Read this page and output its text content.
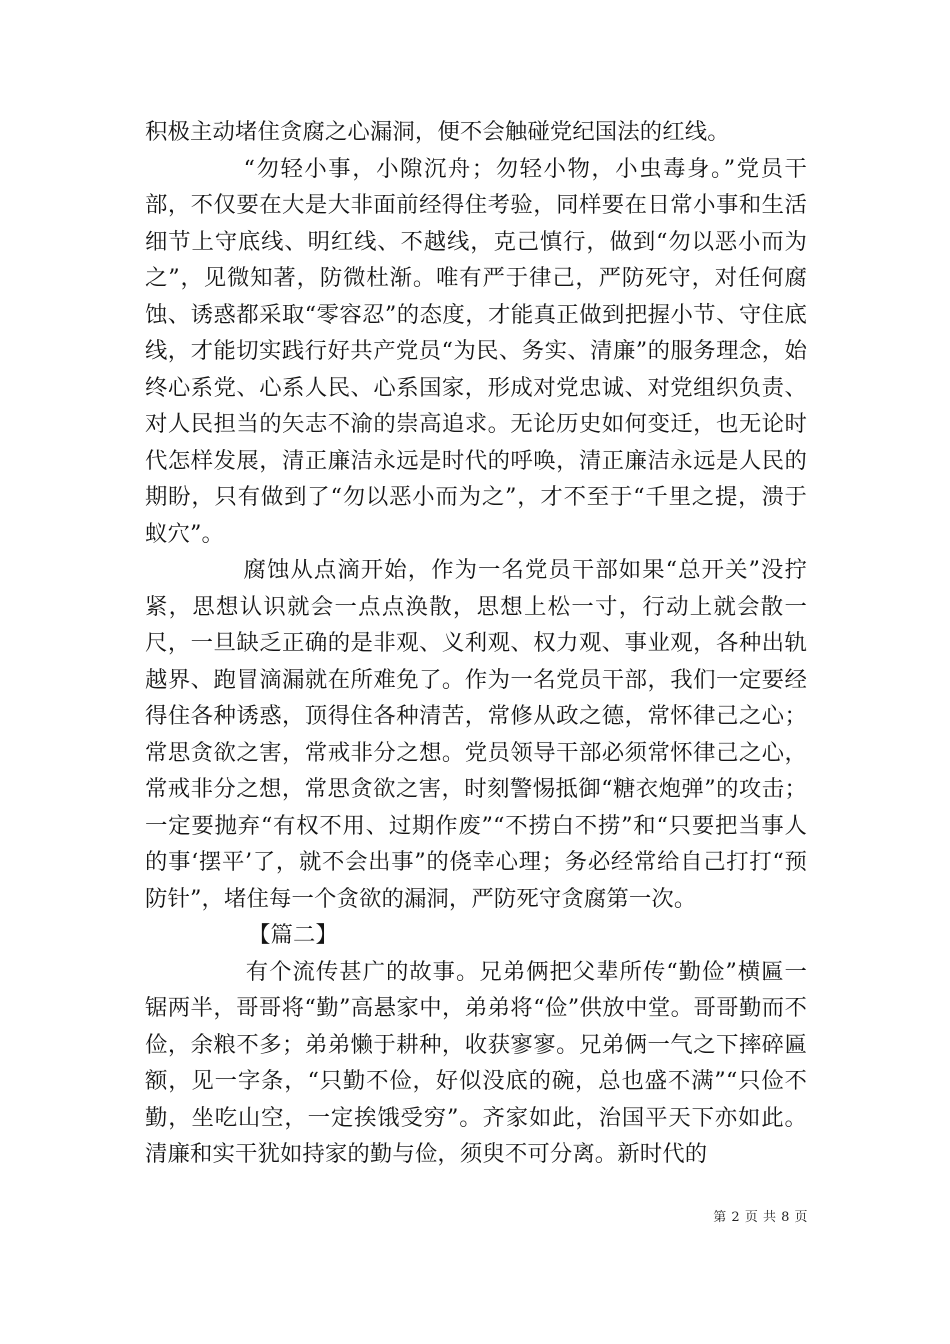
积极主动堵住贪腐之心漏洞，便不会触碰党纪国法的红线。

“勿轻小事，小隙沉舟；勿轻小物，小虫毒身。”党员干部，不仅要在大是大非面前经得住考验，同样要在日常小事和生活细节上守底线、明红线、不越线，克己慎行，做到“勿以恶小而为之”，见微知著，防微杜渐。唯有严于律己，严防死守，对任何腐蚀、诱惑都采取“零容忍”的态度，才能真正做到把握小节、守住底线，才能切实践行好共产党员“为民、务实、清廉”的服务理念，始终心系党、心系人民、心系国家，形成对党忠诚、对党组织负责、对人民担当的矢志不渝的崇高追求。无论历史如何变迁，也无论时代怎样发展，清正廉洁永远是时代的呼唤，清正廉洁永远是人民的期盼，只有做到了“勿以恶小而为之”，才不至于“千里之提，溃于蚁穴”。

腐蚀从点滴开始，作为一名党员干部如果“总开关”没拧紧，思想认识就会一点点涣散，思想上松一寸，行动上就会散一尺，一旦缺乏正确的是非观、义利观、权力观、事业观，各种出轨越界、跑冒滴漏就在所难免了。作为一名党员干部，我们一定要经得住各种诱惑，顶得住各种清苦，常修从政之德，常怀律己之心；常思贪欲之害，常戒非分之想。党员领导干部必须常怀律己之心，常戒非分之想，常思贪欲之害，时刻警惕抵御“糖衣炮弹”的攻击；一定要抛弃“有权不用、过期作废”“不捞白不捞”和“只要把当事人的事‘摆平’了，就不会出事”的侥幸心理；务必经常给自己打打“预防针”，堵住每一个贪欲的漏洞，严防死守贪腐第一次。

【篇二】

有个流传甚广的故事。兄弟俩把父辈所传“勤俭”横匾一锯两半，哥哥将“勤”高悬家中，弟弟将“俭”供放中堂。哥哥勤而不俭，余粮不多；弟弟懒于耕种，收获寥寥。兄弟俩一气之下摔碎匾额，见一字条，“只勤不俭，好似没底的碗，总也盛不满”“只俭不勤，坐吃山空，一定挨饿受穷”。齐家如此，治国平天下亦如此。清廉和实干犹如持家的勤与俭，须臾不可分离。新时代的

第 2 页 共 8 页
